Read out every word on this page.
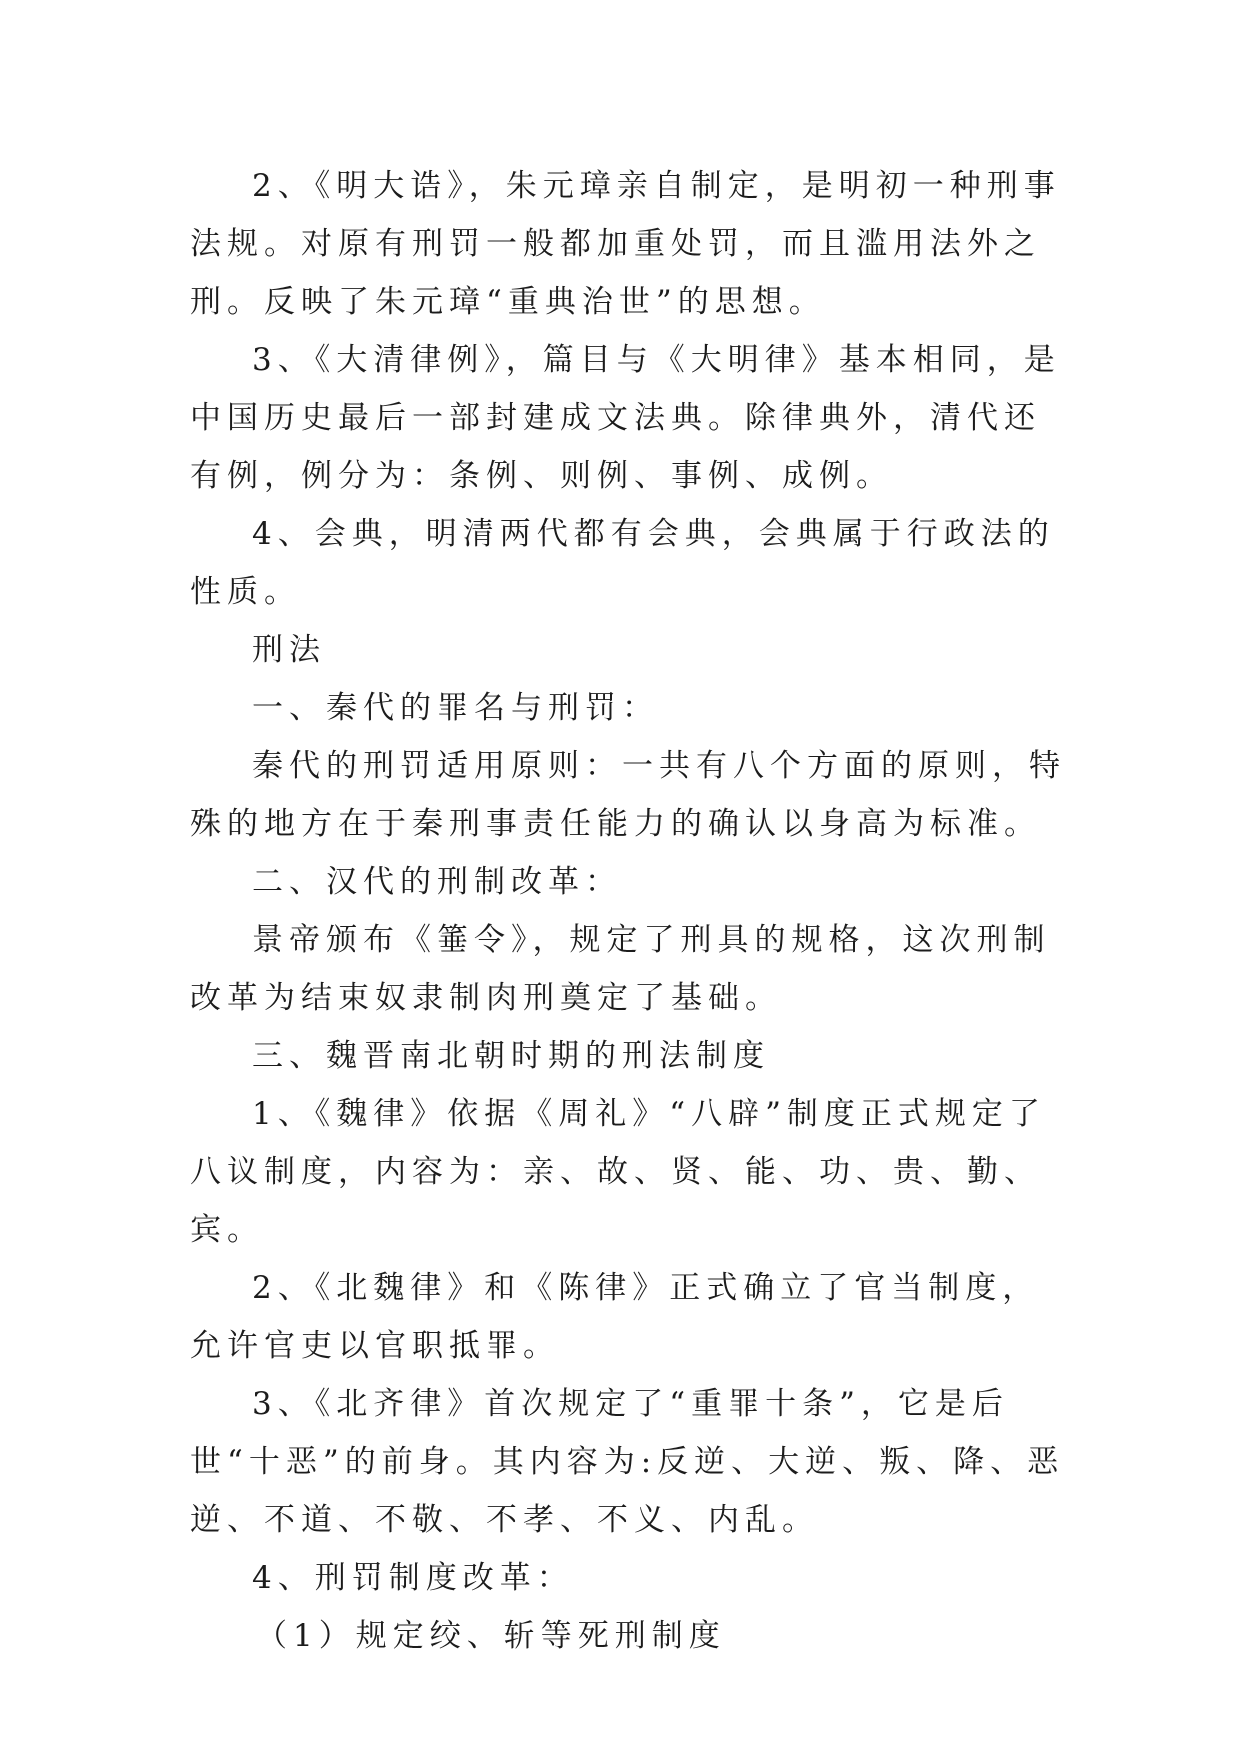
2、《明大诰》，朱元璋亲自制定，是明初一种刑事法规。对原有刑罚一般都加重处罚，而且滥用法外之刑。反映了朱元璋“重典治世”的思想。

3、《大清律例》，篇目与《大明律》基本相同，是中国历史最后一部封建成文法典。除律典外，清代还有例，例分为：条例、则例、事例、成例。

4、会典，明清两代都有会典，会典属于行政法的性质。

刑法

一、秦代的罪名与刑罚：

秦代的刑罚适用原则：一共有八个方面的原则，特殊的地方在于秦刑事责任能力的确认以身高为标准。

二、汉代的刑制改革：

景帝颁布《箠令》，规定了刑具的规格，这次刑制改革为结束奴隶制肉刑奠定了基础。

三、魏晋南北朝时期的刑法制度

1、《魏律》依据《周礼》“八辟”制度正式规定了八议制度，内容为：亲、故、贤、能、功、贵、勤、宾。

2、《北魏律》和《陈律》正式确立了官当制度，允许官吏以官职抵罪。

3、《北齐律》首次规定了“重罪十条”，它是后世“十恶”的前身。其内容为:反逆、大逆、叛、降、恶逆、不道、不敬、不孝、不义、内乱。

4、刑罚制度改革：

（1）规定绞、斩等死刑制度
